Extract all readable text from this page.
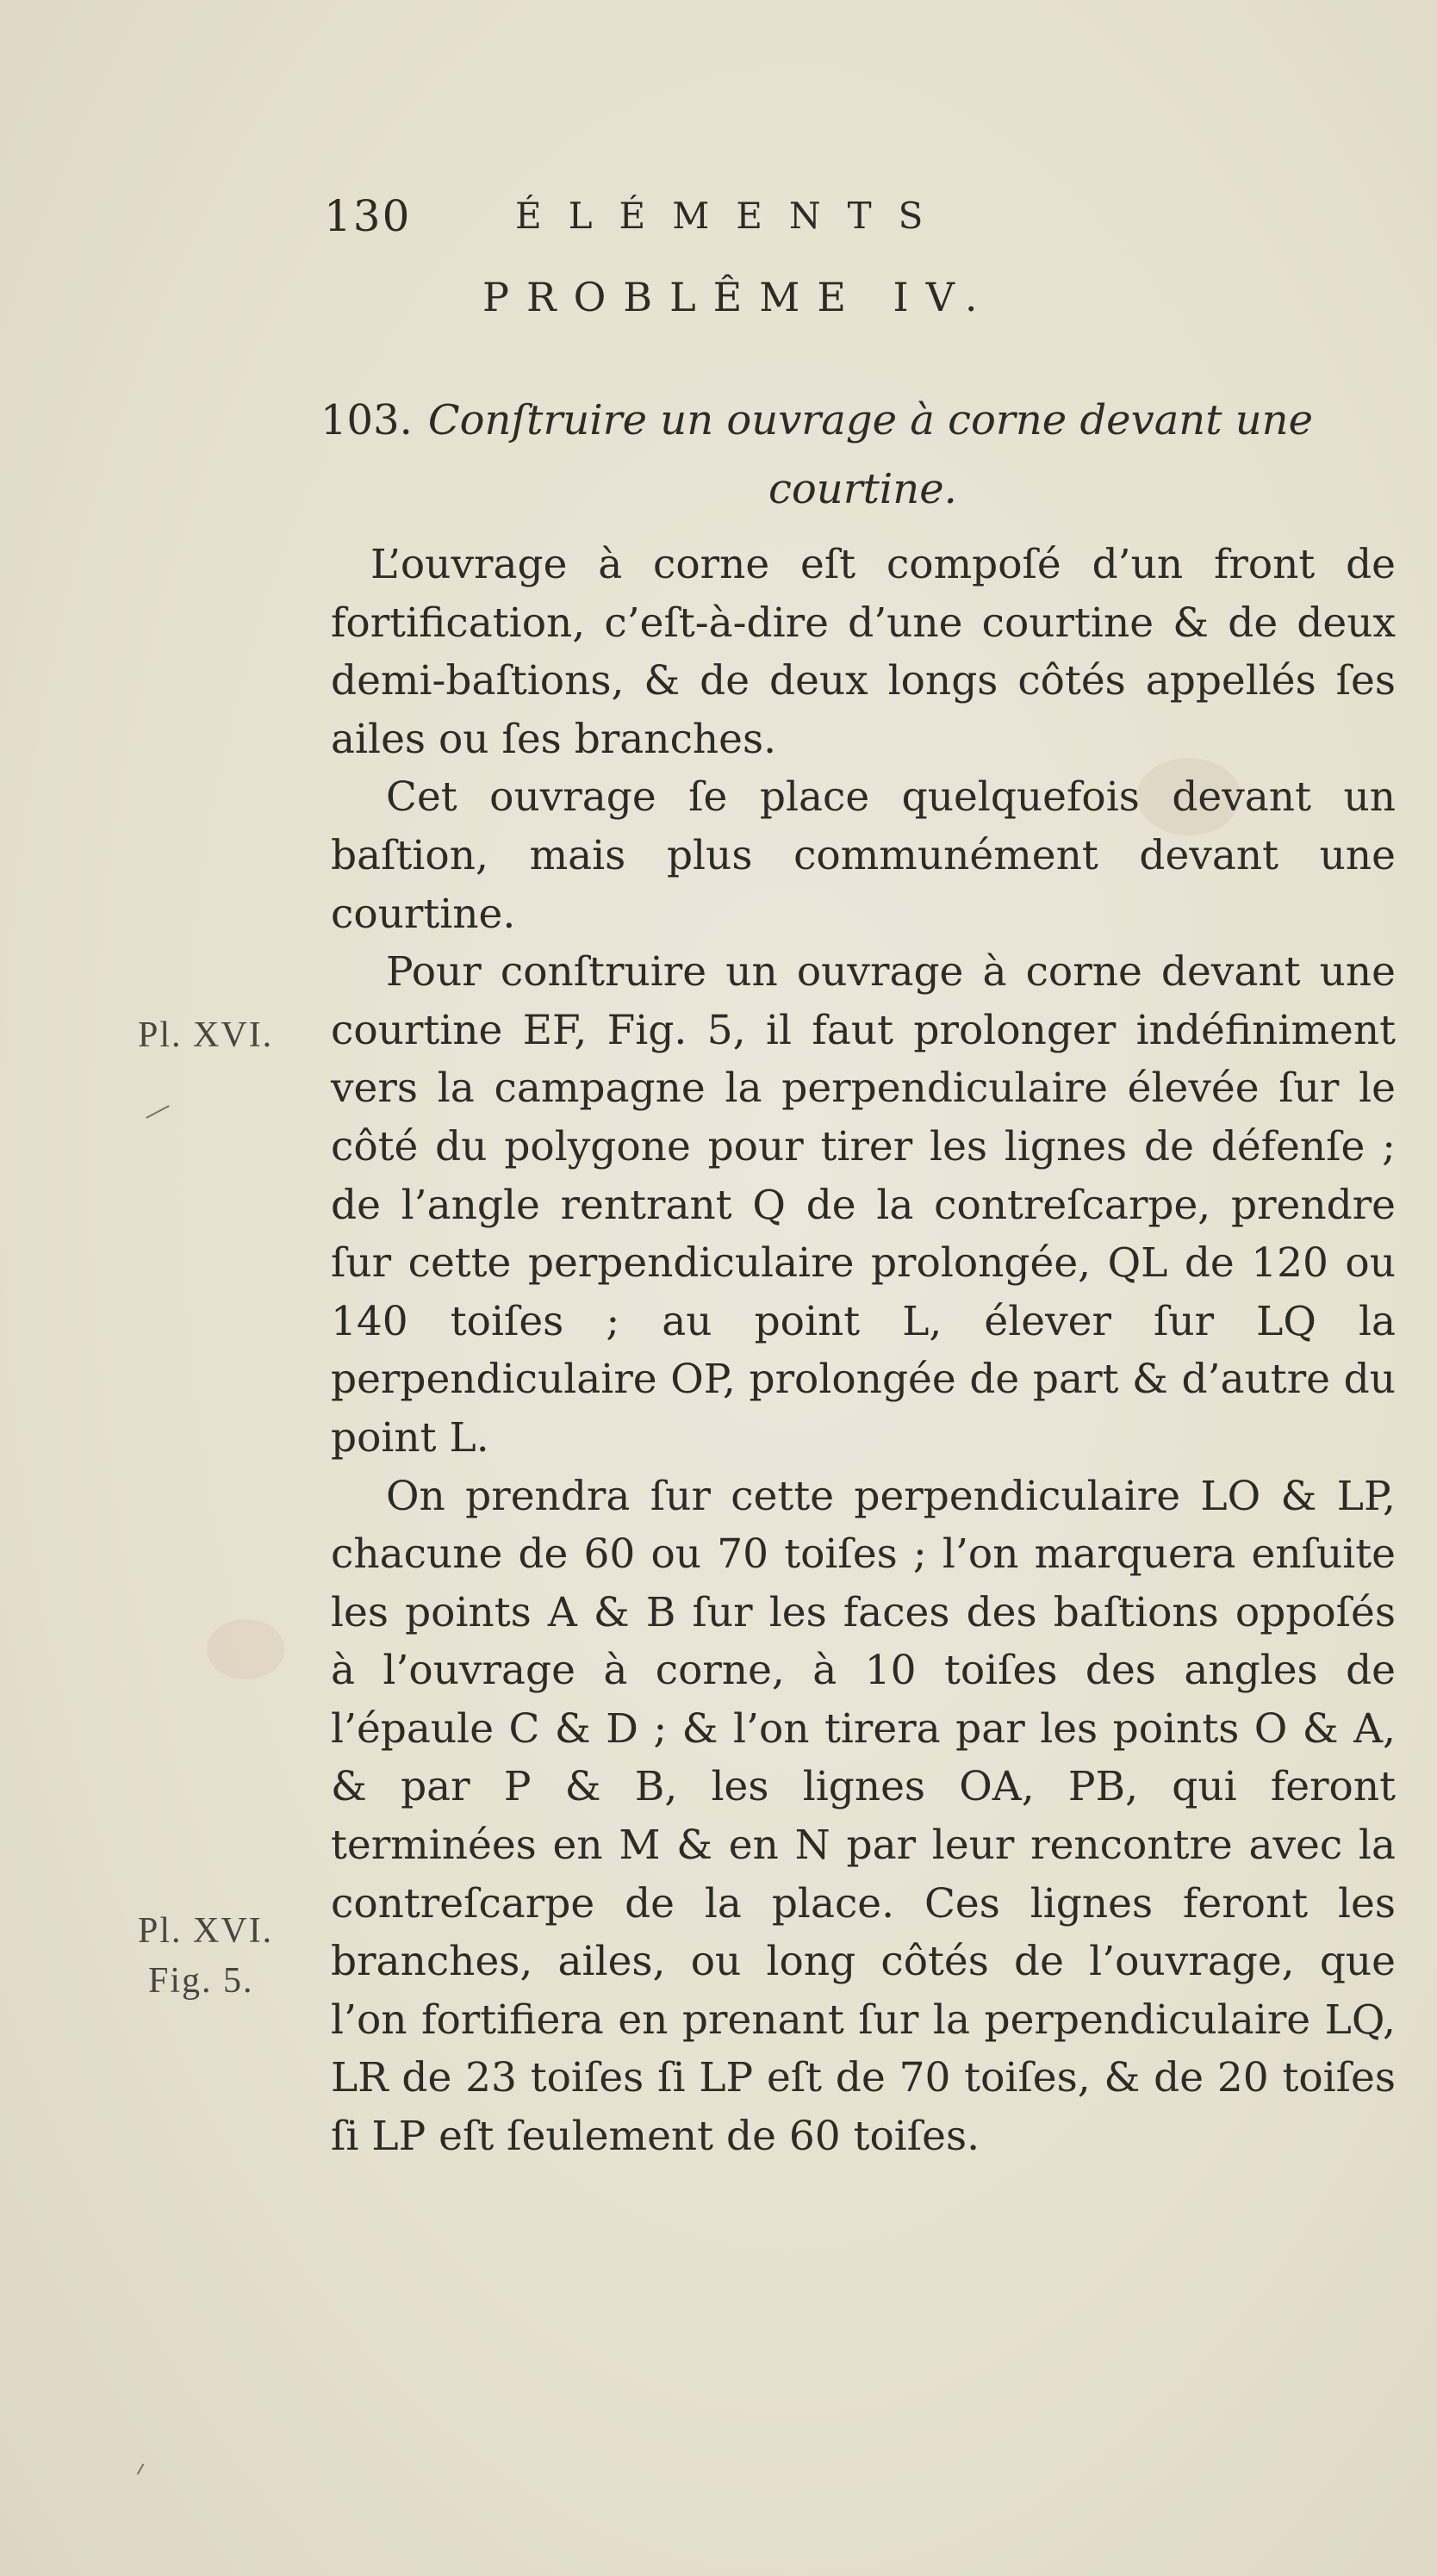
130	ÉLÉMENTS
PROBLÊME IV.
103. Conſtruire un ouvrage à corne devant une
courtine.

L’ouvrage à corne eſt compoſé d’un front de fortification, c’eſt-à-dire d’une courtine & de deux demi-baſtions, & de deux longs côtés appellés ſes ailes ou ſes branches.

Cet ouvrage ſe place quelquefois devant un baſtion, mais plus communément devant une courtine.

Pour conſtruire un ouvrage à corne devant une courtine EF, Fig. 5, il faut prolonger indéfiniment vers la campagne la perpendiculaire élevée ſur le côté du polygone pour tirer les lignes de défenſe ; de l’angle rentrant Q de la contreſcarpe, prendre ſur cette perpendiculaire prolongée, QL de 120 ou 140 toiſes ; au point L, élever ſur LQ la perpendiculaire OP, prolongée de part & d’autre du point L.

On prendra ſur cette perpendiculaire LO & LP, chacune de 60 ou 70 toiſes ; l’on marquera enſuite les points A & B ſur les faces des baſtions oppoſés à l’ouvrage à corne, à 10 toiſes des angles de l’épaule C & D ; & l’on tirera par les points O & A, & par P & B, les lignes OA, PB, qui feront terminées en M & en N par leur rencontre avec la contreſcarpe de la place. Ces lignes feront les branches, ailes, ou long côtés de l’ouvrage, que l’on fortifiera en prenant ſur la perpendiculaire LQ, LR de 23 toiſes ſi LP eſt de 70 toiſes, & de 20 toiſes ſi LP eſt ſeulement de 60 toiſes.

Pl. XVI.
Pl. XVI.
Fig. 5.
